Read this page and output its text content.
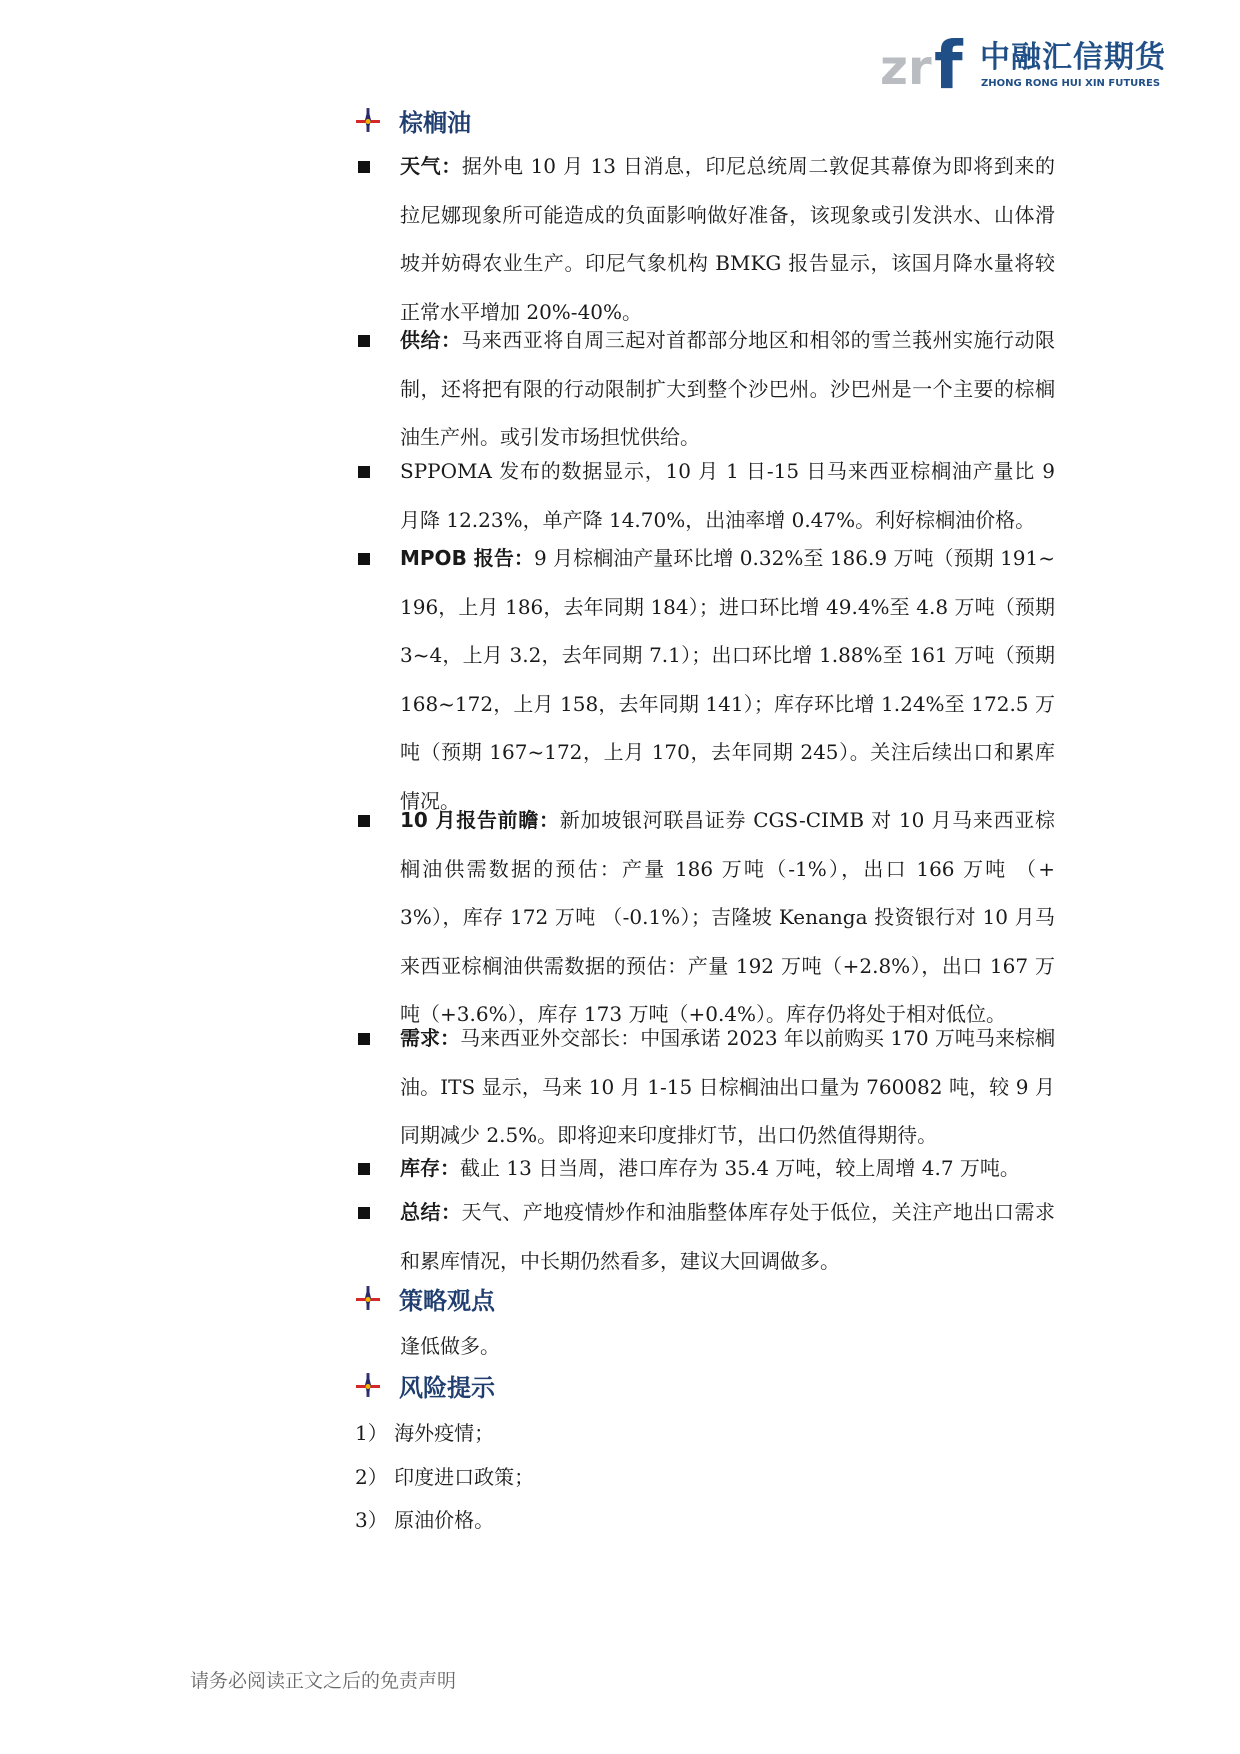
zr f 中融汇信期货
ZHONG RONG HUI XIN FUTURES
棕榈油
天气：据外电 10 月 13 日消息，印尼总统周二敦促其幕僚为即将到来的拉尼娜现象所可能造成的负面影响做好准备，该现象或引发洪水、山体滑坡并妨碍农业生产。印尼气象机构 BMKG 报告显示，该国月降水量将较正常水平增加 20%-40%。
供给：马来西亚将自周三起对首都部分地区和相邻的雪兰莪州实施行动限制，还将把有限的行动限制扩大到整个沙巴州。沙巴州是一个主要的棕榈油生产州。或引发市场担忧供给。
SPPOMA 发布的数据显示，10 月 1 日-15 日马来西亚棕榈油产量比 9 月降 12.23%，单产降 14.70%，出油率增 0.47%。利好棕榈油价格。
MPOB 报告：9 月棕榈油产量环比增 0.32%至 186.9 万吨（预期 191~196，上月 186，去年同期 184）；进口环比增 49.4%至 4.8 万吨（预期 3~4，上月 3.2，去年同期 7.1）；出口环比增 1.88%至 161 万吨（预期 168~172，上月 158，去年同期 141）；库存环比增 1.24%至 172.5 万吨（预期 167~172，上月 170，去年同期 245）。关注后续出口和累库情况。
10 月报告前瞻：新加坡银河联昌证券 CGS-CIMB 对 10 月马来西亚棕榈油供需数据的预估：产量 186 万吨（-1%），出口 166 万吨 （+3%），库存 172 万吨 （-0.1%）；吉隆坡 Kenanga 投资银行对 10 月马来西亚棕榈油供需数据的预估：产量 192 万吨（+2.8%），出口 167 万吨（+3.6%），库存 173 万吨（+0.4%）。库存仍将处于相对低位。
需求：马来西亚外交部长：中国承诺 2023 年以前购买 170 万吨马来棕榈油。ITS 显示，马来 10 月 1-15 日棕榈油出口量为 760082 吨，较 9 月同期减少 2.5%。即将迎来印度排灯节，出口仍然值得期待。
库存：截止 13 日当周，港口库存为 35.4 万吨，较上周增 4.7 万吨。
总结：天气、产地疫情炒作和油脂整体库存处于低位，关注产地出口需求和累库情况，中长期仍然看多，建议大回调做多。
策略观点
逢低做多。
风险提示
1） 海外疫情；
2） 印度进口政策；
3） 原油价格。
请务必阅读正文之后的免责声明
